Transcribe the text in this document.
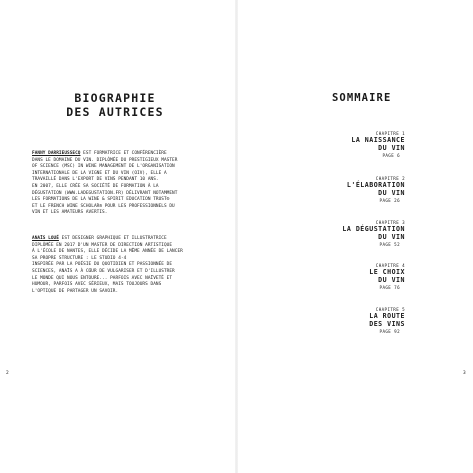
BIOGRAPHIE
DES AUTRICES
FANNY DARRIEUSSECQ EST FORMATRICE ET CONFÉRENCIÈRE
DANS LE DOMAINE DU VIN. DIPLÔMÉE DU PRESTIGIEUX MASTER
OF SCIENCE (MSC) IN WINE MANAGEMENT DE L'ORGANISATION
INTERNATIONALE DE LA VIGNE ET DU VIN (OIV), ELLE A
TRAVAILLÉ DANS L'EXPORT DE VINS PENDANT 10 ANS.
EN 2007, ELLE CRÉE SA SOCIÉTÉ DE FORMATION À LA
DÉGUSTATION (WWW.LADEGUSTATION.FR) DÉLIVRANT NOTAMMENT
LES FORMATIONS DE LA WINE & SPIRIT EDUCATION TRUST®
ET LE FRENCH WINE SCHOLAR® POUR LES PROFESSIONNELS DU
VIN ET LES AMATEURS AVERTIS.
ANAÏS LOUÉ EST DESIGNER GRAPHIQUE ET ILLUSTRATRICE
DIPLÔMÉE EN 2017 D'UN MASTER DE DIRECTION ARTISTIQUE
À L'ÉCOLE DE NANTES, ELLE DÉCIDE LA MÊME ANNÉE DE LANCER
SA PROPRE STRUCTURE : LE STUDIO 4·4
INSPIRÉE PAR LA POÉSIE DU QUOTIDIEN ET PASSIONNÉE DE
SCIENCES, ANAÏS A À CŒUR DE VULGARISER ET D'ILLUSTRER
LE MONDE QUI NOUS ENTOURE... PARFOIS AVEC NAÏVETÉ ET
HUMOUR, PARFOIS AVEC SÉRIEUX, MAIS TOUJOURS DANS
L'OPTIQUE DE PARTAGER UN SAVOIR.
2
SOMMAIRE
CHAPITRE 1
LA NAISSANCE
DU VIN
PAGE 6
CHAPITRE 2
L'ÉLABORATION
DU VIN
PAGE 26
CHAPITRE 3
LA DÉGUSTATION
DU VIN
PAGE 52
CHAPITRE 4
LE CHOIX
DU VIN
PAGE 76
CHAPITRE 5
LA ROUTE
DES VINS
PAGE 92
3
